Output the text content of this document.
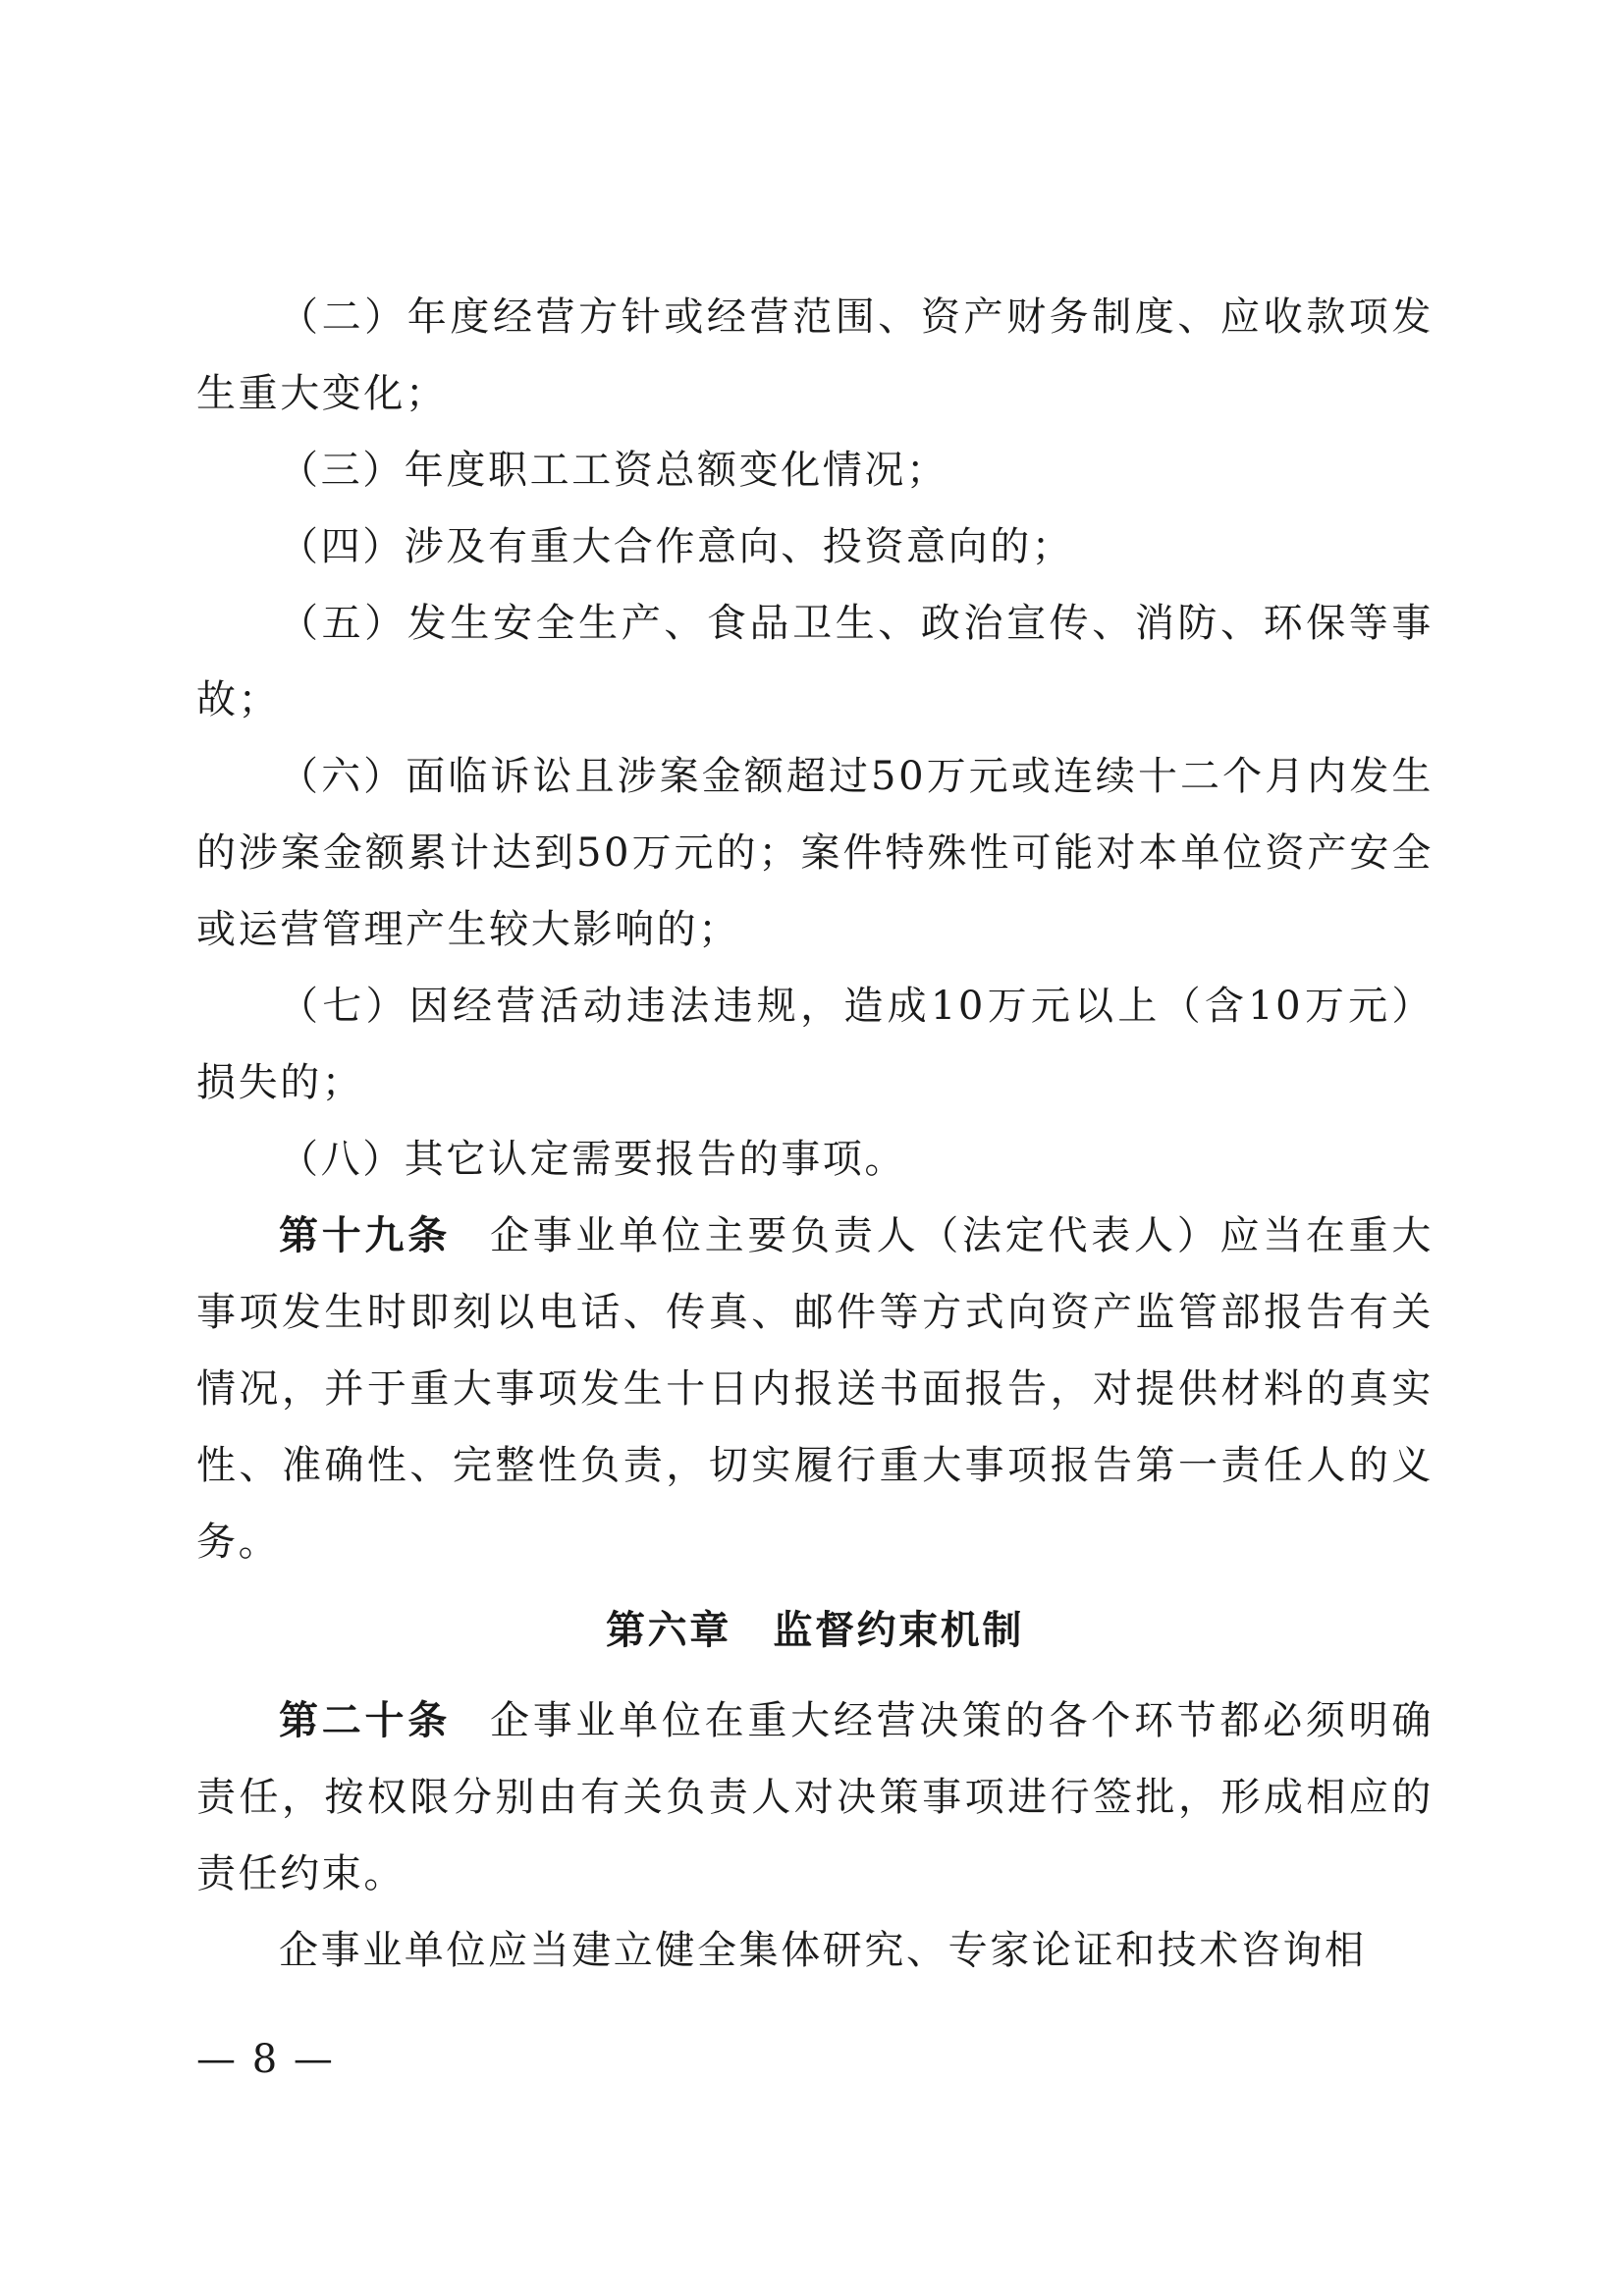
（二）年度经营方针或经营范围、资产财务制度、应收款项发生重大变化；

（三）年度职工工资总额变化情况；

（四）涉及有重大合作意向、投资意向的；

（五）发生安全生产、食品卫生、政治宣传、消防、环保等事故；

（六）面临诉讼且涉案金额超过50万元或连续十二个月内发生的涉案金额累计达到50万元的；案件特殊性可能对本单位资产安全或运营管理产生较大影响的；

（七）因经营活动违法违规，造成10万元以上（含10万元）损失的；

（八）其它认定需要报告的事项。

第十九条 企事业单位主要负责人（法定代表人）应当在重大事项发生时即刻以电话、传真、邮件等方式向资产监管部报告有关情况，并于重大事项发生十日内报送书面报告，对提供材料的真实性、准确性、完整性负责，切实履行重大事项报告第一责任人的义务。

第六章　监督约束机制

第二十条 企事业单位在重大经营决策的各个环节都必须明确责任，按权限分别由有关负责人对决策事项进行签批，形成相应的责任约束。

企事业单位应当建立健全集体研究、专家论证和技术咨询相

— 8 —
